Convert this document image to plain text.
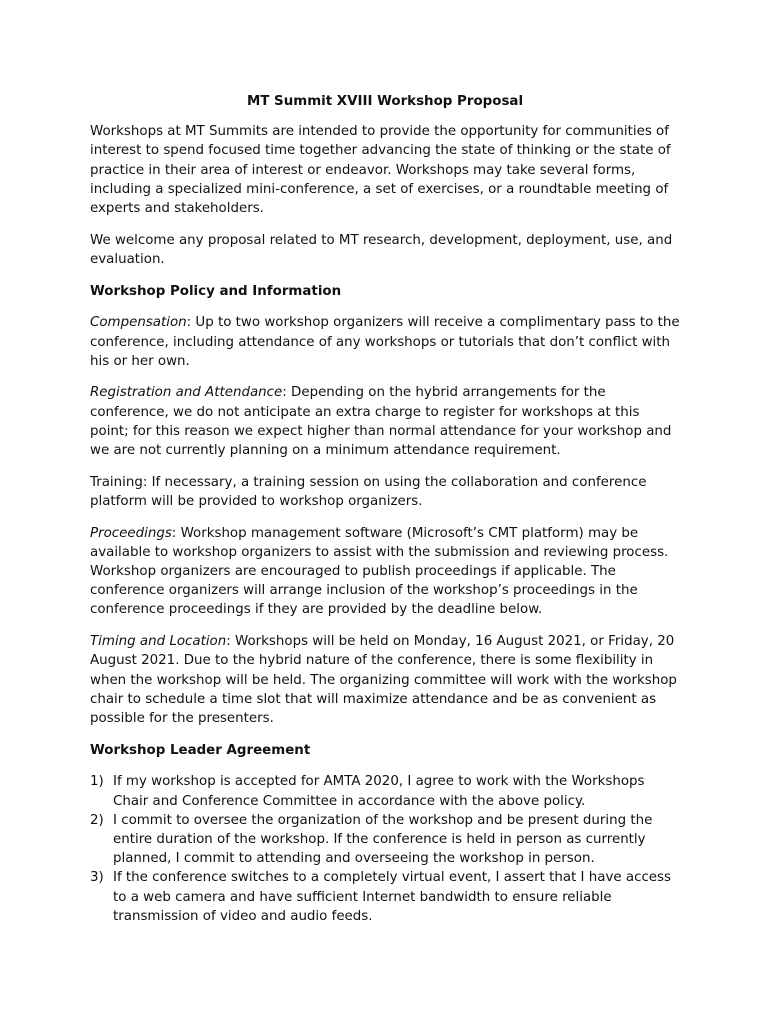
MT Summit XVIII Workshop Proposal

Workshops at MT Summits are intended to provide the opportunity for communities of interest to spend focused time together advancing the state of thinking or the state of practice in their area of interest or endeavor. Workshops may take several forms, including a specialized mini-conference, a set of exercises, or a roundtable meeting of experts and stakeholders.

We welcome any proposal related to MT research, development, deployment, use, and evaluation.

Workshop Policy and Information

Compensation: Up to two workshop organizers will receive a complimentary pass to the conference, including attendance of any workshops or tutorials that don’t conflict with his or her own.

Registration and Attendance: Depending on the hybrid arrangements for the conference, we do not anticipate an extra charge to register for workshops at this point; for this reason we expect higher than normal attendance for your workshop and we are not currently planning on a minimum attendance requirement.

Training: If necessary, a training session on using the collaboration and conference platform will be provided to workshop organizers.

Proceedings: Workshop management software (Microsoft’s CMT platform) may be available to workshop organizers to assist with the submission and reviewing process. Workshop organizers are encouraged to publish proceedings if applicable. The conference organizers will arrange inclusion of the workshop’s proceedings in the conference proceedings if they are provided by the deadline below.

Timing and Location: Workshops will be held on Monday, 16 August 2021, or Friday, 20 August 2021. Due to the hybrid nature of the conference, there is some flexibility in when the workshop will be held. The organizing committee will work with the workshop chair to schedule a time slot that will maximize attendance and be as convenient as possible for the presenters.

Workshop Leader Agreement
1) If my workshop is accepted for AMTA 2020, I agree to work with the Workshops Chair and Conference Committee in accordance with the above policy.
2) I commit to oversee the organization of the workshop and be present during the entire duration of the workshop. If the conference is held in person as currently planned, I commit to attending and overseeing the workshop in person.
3) If the conference switches to a completely virtual event, I assert that I have access to a web camera and have sufficient Internet bandwidth to ensure reliable transmission of video and audio feeds.
